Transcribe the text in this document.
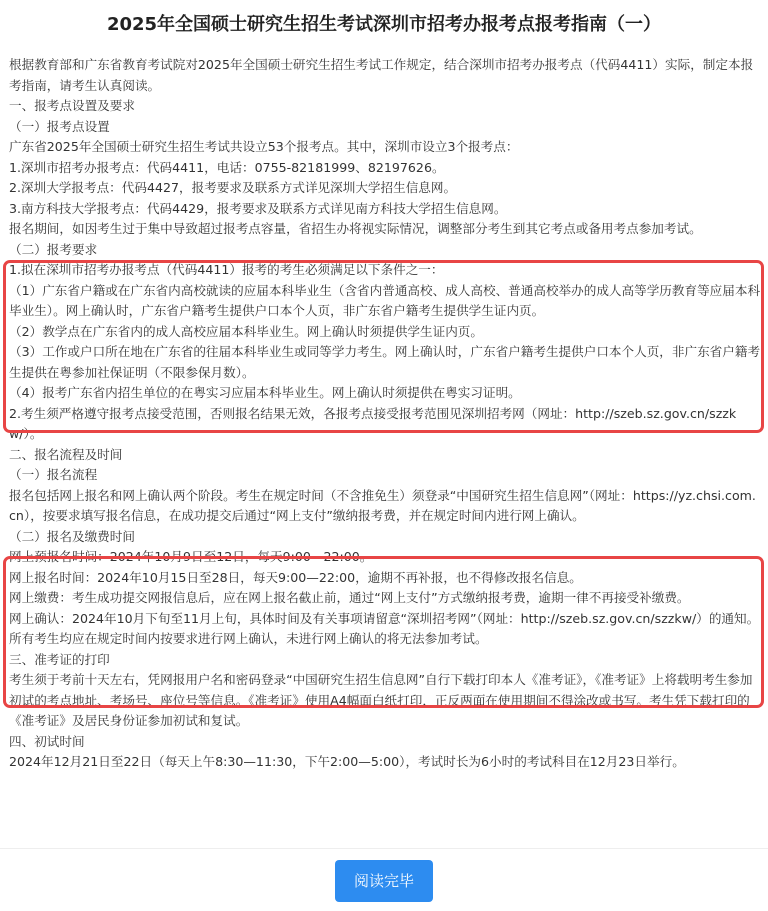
2025年全国硕士研究生招生考试深圳市招考办报考点报考指南（一）

根据教育部和广东省教育考试院对2025年全国硕士研究生招生考试工作规定，结合深圳市招考办报考点（代码4411）实际，制定本报考指南，请考生认真阅读。

一、报考点设置及要求

（一）报考点设置

广东省2025年全国硕士研究生招生考试共设立53个报考点。其中，深圳市设立3个报考点：

1.深圳市招考办报考点：代码4411，电话：0755-82181999、82197626。

2.深圳大学报考点：代码4427，报考要求及联系方式详见深圳大学招生信息网。

3.南方科技大学报考点：代码4429，报考要求及联系方式详见南方科技大学招生信息网。

报名期间，如因考生过于集中导致超过报考点容量，省招生办将视实际情况，调整部分考生到其它考点或备用考点参加考试。

（二）报考要求

1.拟在深圳市招考办报考点（代码4411）报考的考生必须满足以下条件之一：

（1）广东省户籍或在广东省内高校就读的应届本科毕业生（含省内普通高校、成人高校、普通高校举办的成人高等学历教育等应届本科毕业生）。网上确认时，广东省户籍考生提供户口本个人页，非广东省户籍考生提供学生证内页。

（2）教学点在广东省内的成人高校应届本科毕业生。网上确认时须提供学生证内页。

（3）工作或户口所在地在广东省的往届本科毕业生或同等学力考生。网上确认时，广东省户籍考生提供户口本个人页，非广东省户籍考生提供在粤参加社保证明（不限参保月数）。

（4）报考广东省内招生单位的在粤实习应届本科毕业生。网上确认时须提供在粤实习证明。

2.考生须严格遵守报考点接受范围，否则报名结果无效，各报考点接受报考范围见深圳招考网（网址：http://szeb.sz.gov.cn/szzkw/）。

二、报名流程及时间

（一）报名流程

报名包括网上报名和网上确认两个阶段。考生在规定时间（不含推免生）须登录“中国研究生招生信息网”（网址：https://yz.chsi.com.cn），按要求填写报名信息，在成功提交后通过“网上支付”缴纳报考费，并在规定时间内进行网上确认。

（二）报名及缴费时间

网上预报名时间：2024年10月9日至12日，每天9:00—22:00。

网上报名时间：2024年10月15日至28日，每天9:00—22:00，逾期不再补报，也不得修改报名信息。

网上缴费：考生成功提交网报信息后，应在网上报名截止前，通过“网上支付”方式缴纳报考费，逾期一律不再接受补缴费。

网上确认：2024年10月下旬至11月上旬，具体时间及有关事项请留意“深圳招考网”（网址：http://szeb.sz.gov.cn/szzkw/）的通知。所有考生均应在规定时间内按要求进行网上确认，未进行网上确认的将无法参加考试。

三、准考证的打印

考生须于考前十天左右，凭网报用户名和密码登录“中国研究生招生信息网”自行下载打印本人《准考证》，《准考证》上将载明考生参加初试的考点地址、考场号、座位号等信息。《准考证》使用A4幅面白纸打印，正反两面在使用期间不得涂改或书写。考生凭下载打印的《准考证》及居民身份证参加初试和复试。

四、初试时间

2024年12月21日至22日（每天上午8:30—11:30，下午2:00—5:00），考试时长为6小时的考试科目在12月23日举行。

阅读完毕
